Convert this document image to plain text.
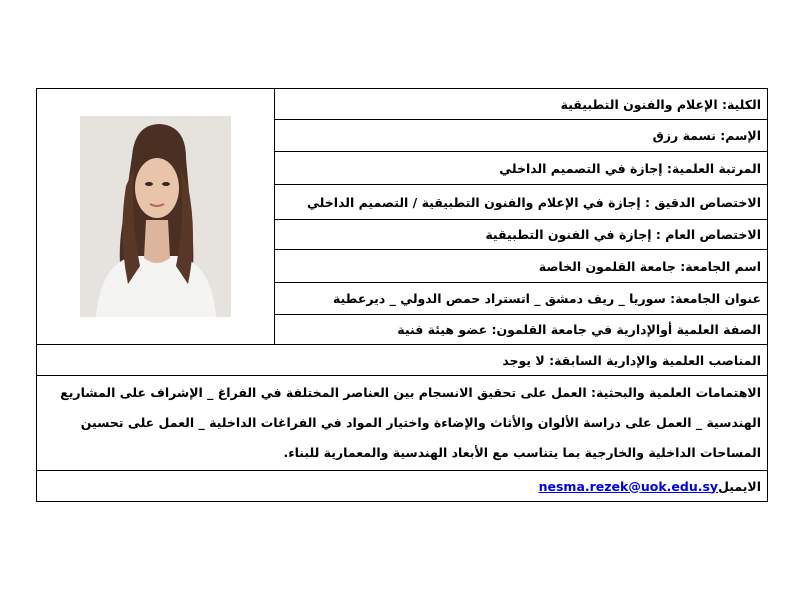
الكلية: الإعلام والفنون التطبيقية	

الإسم: نسمة رزق
المرتبة العلمية: إجازة في التصميم الداخلي
الاختصاص الدقيق : إجازة في الإعلام والفنون التطبيقية / التصميم الداخلي
الاختصاص العام : إجازة في الفنون التطبيقية
اسم الجامعة: جامعة القلمون الخاصة
عنوان الجامعة: سوريا _ ريف دمشق _ اتستراد حمص الدولي _ ديرعطية
الصفة العلمية أوالإدارية في جامعة القلمون: عضو هيئة فنية
المناصب العلمية والإدارية السابقة: لا يوجد
الاهتمامات العلمية والبحثية: العمل على تحقيق الانسجام بين العناصر المختلفة في الفراغ _ الإشراف على المشاريع الهندسية _ العمل على دراسة الألوان والأثاث والإضاءة واختيار المواد في الفراغات الداخلية _ العمل على تحسين المساحات الداخلية والخارجية بما يتناسب مع الأبعاد الهندسية والمعمارية للبناء.
الايميلnesma.rezek@uok.edu.sy
